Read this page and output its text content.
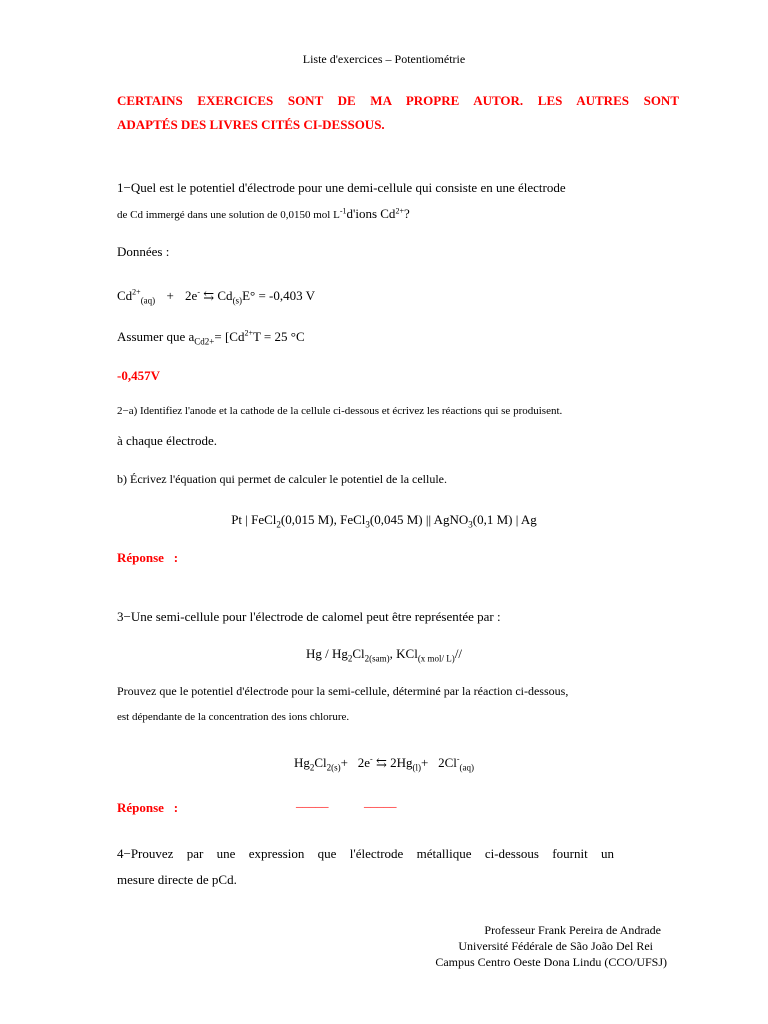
Liste d'exercices – Potentiométrie
CERTAINS EXERCICES SONT DE MA PROPRE AUTOR. LES AUTRES SONT
ADAPTÉS DES LIVRES CITÉS CI-DESSOUS.
1−Quel est le potentiel d'électrode pour une demi-cellule qui consiste en une électrode
de Cd immergé dans une solution de 0,0150 mol $L^{-1}d'ions$ $Cd^{2+}$?
Données :
$Cd^{2+}_{(aq)} + 2e^-$ ⇆ $Cd_{(s)}E^\circ = -0,403$ V
Assumer que $a_{Cd2+}= [Cd^{2+}T = 25$ °C
-0,457V
2−a) Identifiez l'anode et la cathode de la cellule ci-dessous et écrivez les réactions qui se produisent.
à chaque électrode.
b) Écrivez l'équation qui permet de calculer le potentiel de la cellule.
Pt | FeCl$_2$(0,015 M), FeCl$_3$(0,045 M) || AgNO$_3$(0,1 M) | Ag
Réponse   :
3−Une semi-cellule pour l'électrode de calomel peut être représentée par :
Hg / $Hg_2Cl_{2(sam)}$, KCl$_{(x mol/ L)}$//
Prouvez que le potentiel d'électrode pour la semi-cellule, déterminé par la réaction ci-dessous,
est dépendante de la concentration des ions chlorure.
$Hg_2Cl_{2(s)}+ 2e^-$ ⇆ $2Hg_{(l)}+ 2Cl^-_{(aq)}$
Réponse   :	_____	_____
4−Prouvez par une expression que l'électrode métallique ci-dessous fournit un
mesure directe de pCd.
Professeur Frank Pereira de Andrade
Université Fédérale de São João Del Rei
Campus Centro Oeste Dona Lindu (CCO/UFSJ)
